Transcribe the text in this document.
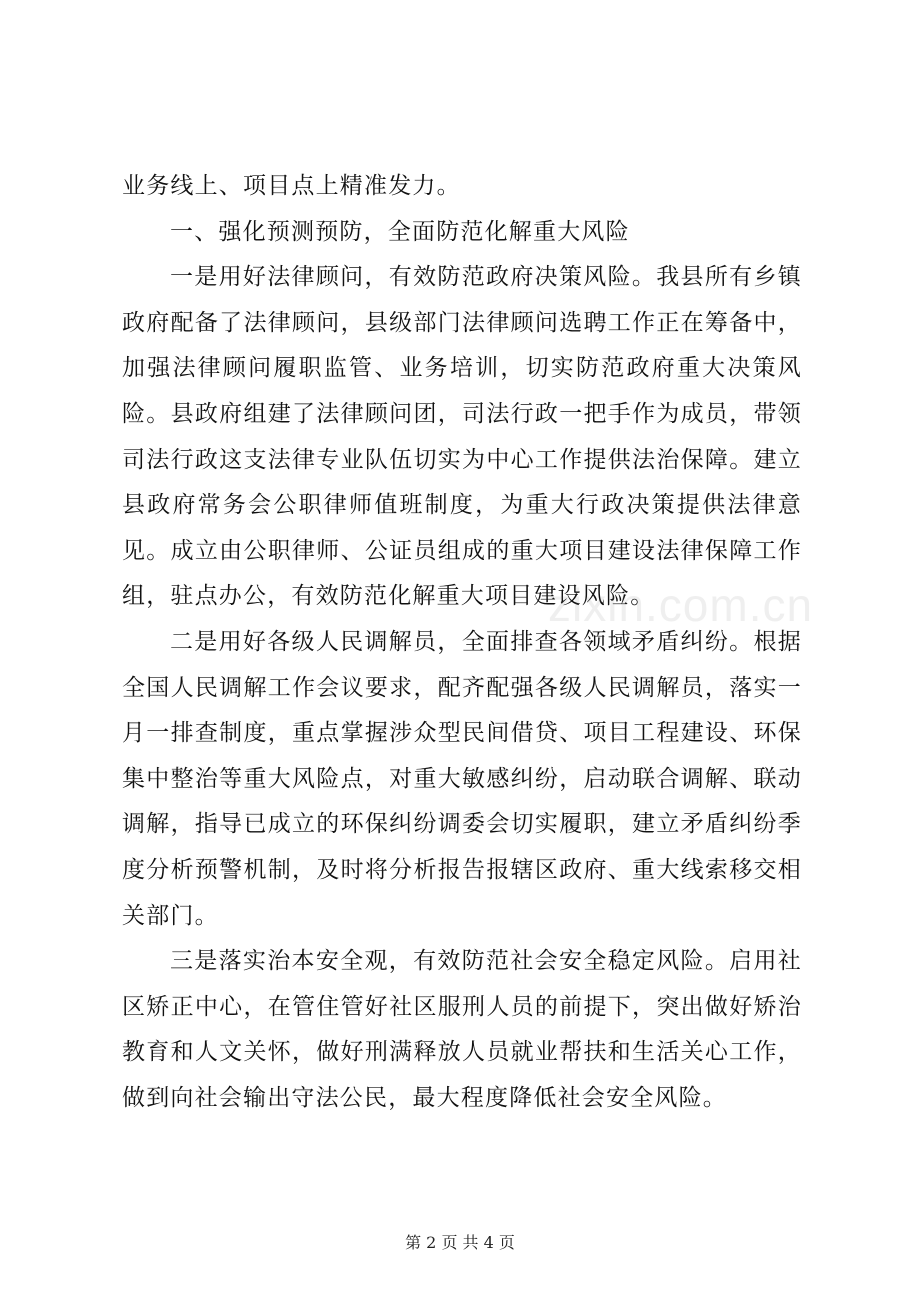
业务线上、项目点上精准发力。

一、强化预测预防，全面防范化解重大风险

一是用好法律顾问，有效防范政府决策风险。我县所有乡镇政府配备了法律顾问，县级部门法律顾问选聘工作正在筹备中，加强法律顾问履职监管、业务培训，切实防范政府重大决策风险。县政府组建了法律顾问团，司法行政一把手作为成员，带领司法行政这支法律专业队伍切实为中心工作提供法治保障。建立县政府常务会公职律师值班制度，为重大行政决策提供法律意见。成立由公职律师、公证员组成的重大项目建设法律保障工作组，驻点办公，有效防范化解重大项目建设风险。

二是用好各级人民调解员，全面排查各领域矛盾纠纷。根据全国人民调解工作会议要求，配齐配强各级人民调解员，落实一月一排查制度，重点掌握涉众型民间借贷、项目工程建设、环保集中整治等重大风险点，对重大敏感纠纷，启动联合调解、联动调解，指导已成立的环保纠纷调委会切实履职，建立矛盾纠纷季度分析预警机制，及时将分析报告报辖区政府、重大线索移交相关部门。

三是落实治本安全观，有效防范社会安全稳定风险。启用社区矫正中心，在管住管好社区服刑人员的前提下，突出做好矫治教育和人文关怀，做好刑满释放人员就业帮扶和生活关心工作，做到向社会输出守法公民，最大程度降低社会安全风险。

zixin.com.cn
第 2 页 共 4 页
